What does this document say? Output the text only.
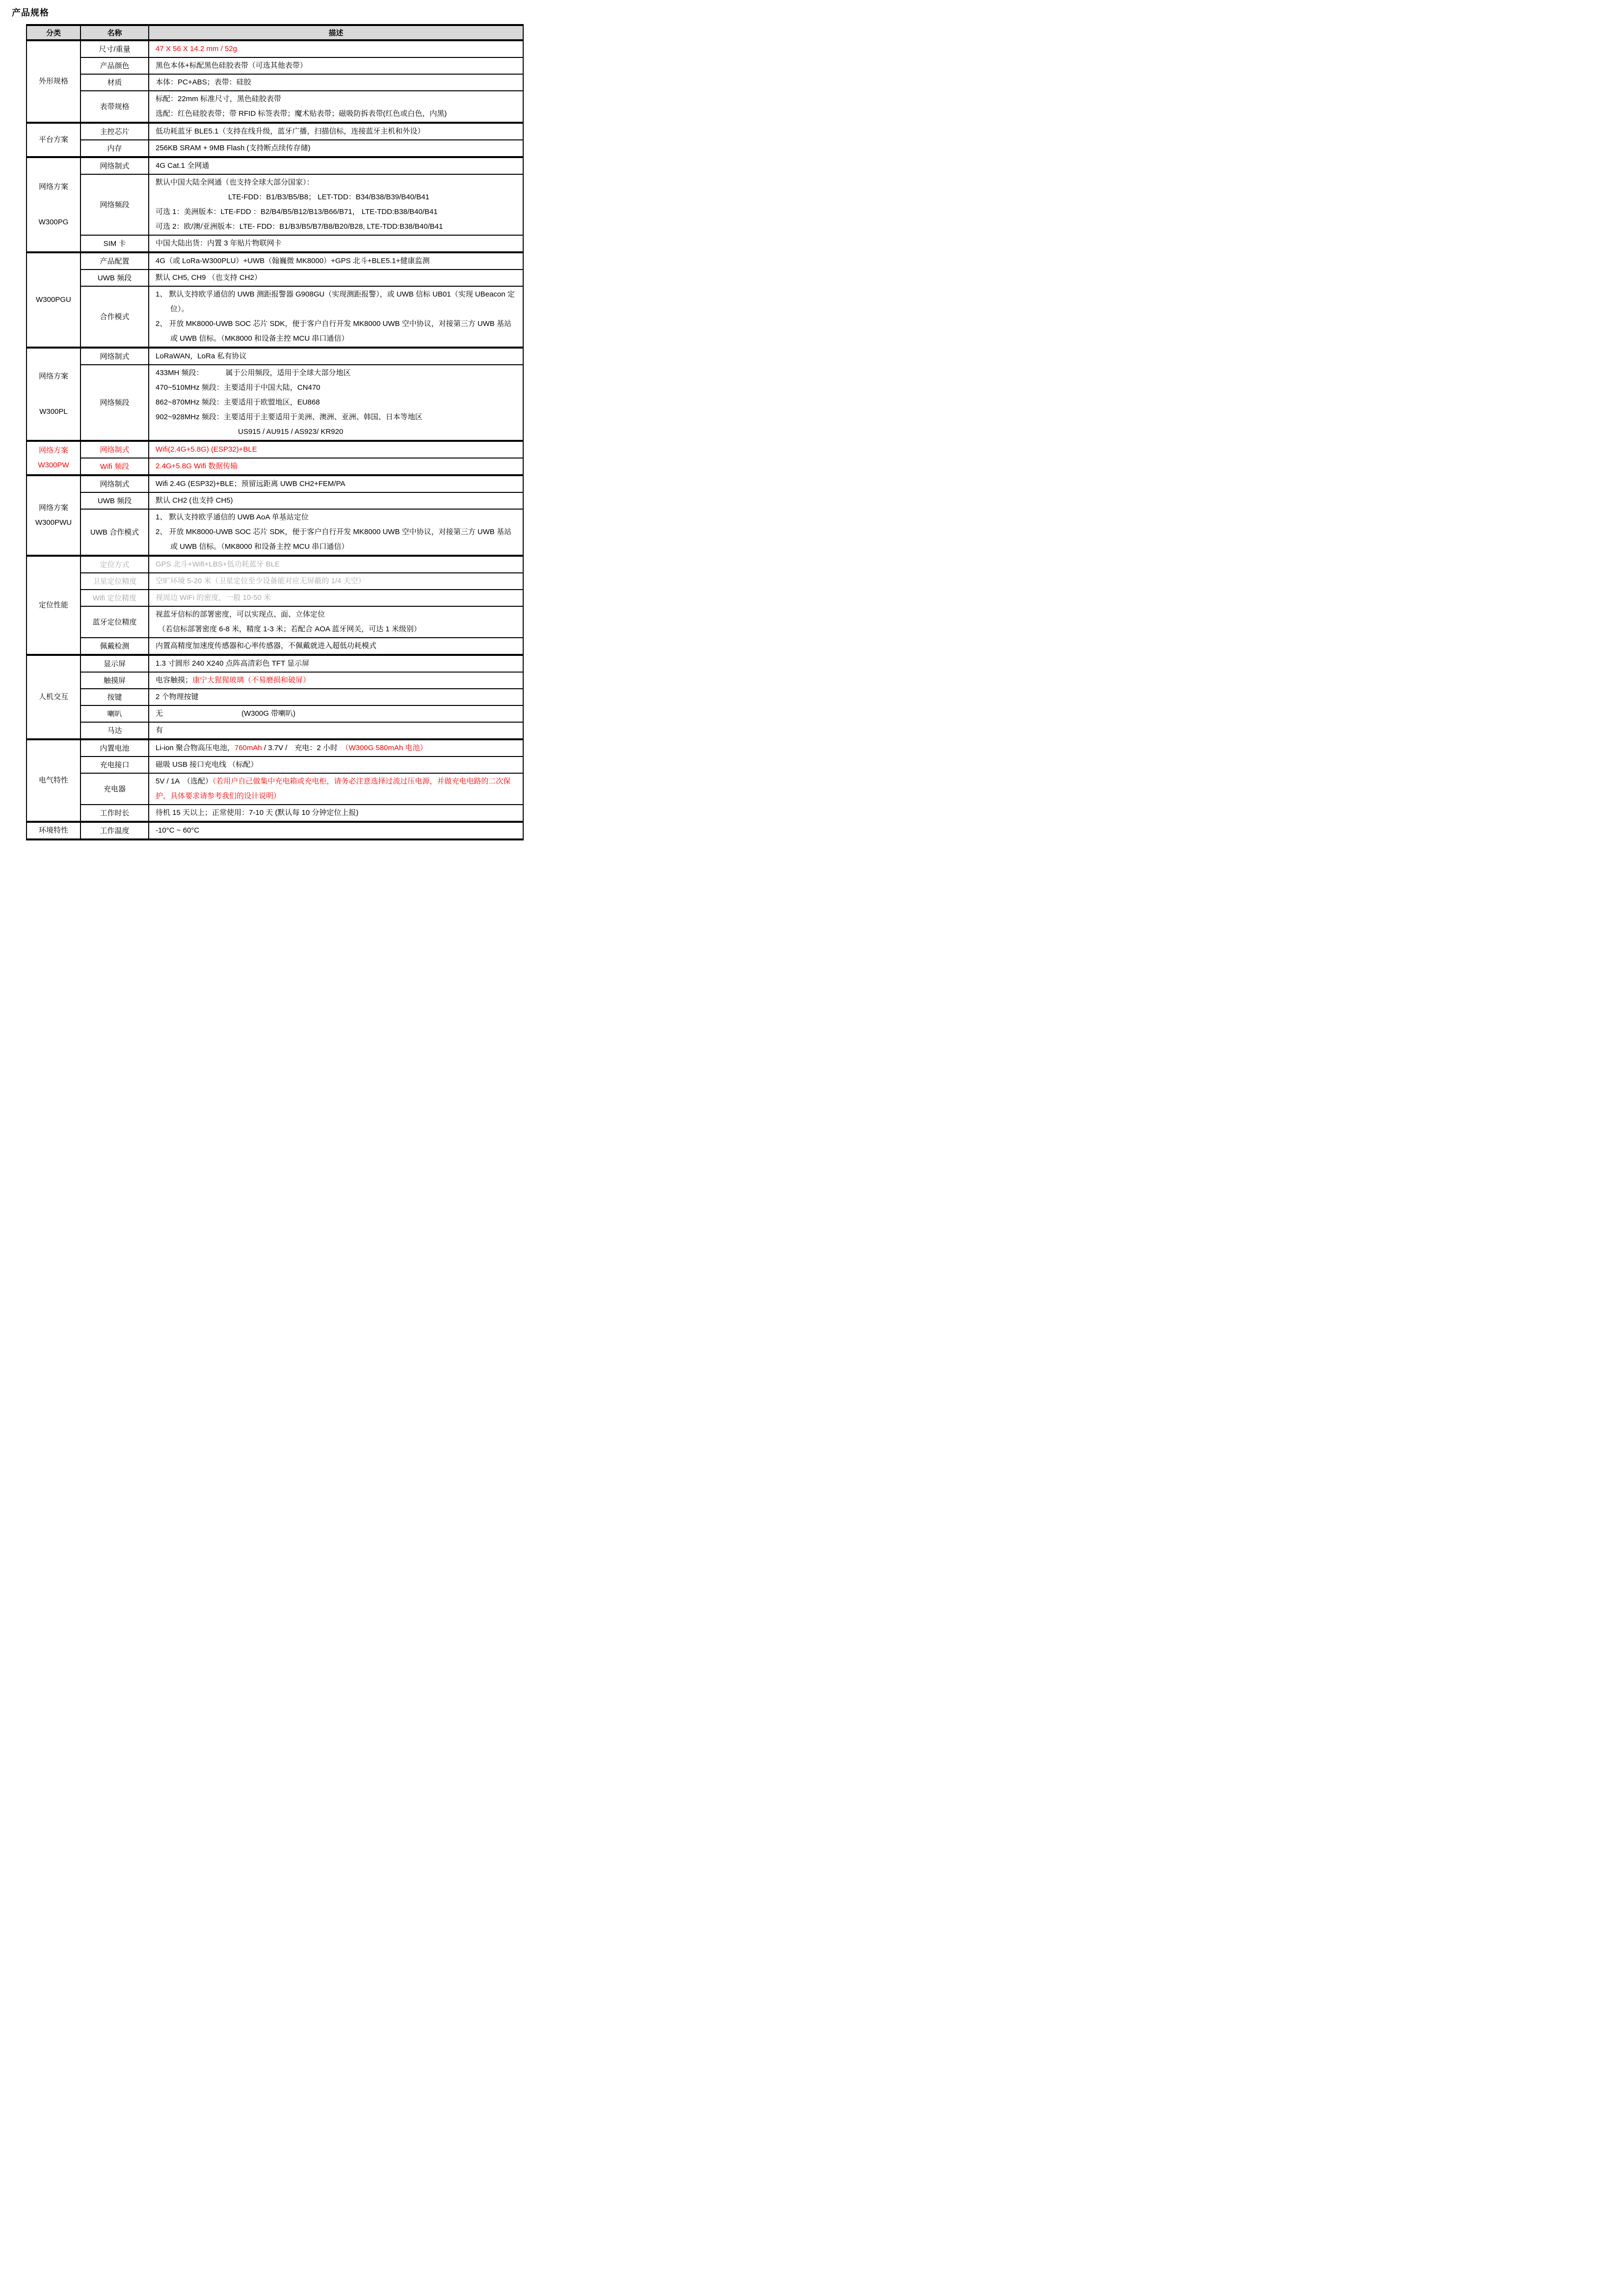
产品规格
分类	名称	描述

外形规格	尺寸/重量	47 X 56 X 14.2 mm / 52g

	产品颜色	黑色本体+标配黑色硅胶表带（可选其他表带）

	材质	本体：PC+ABS；表带：硅胶

	表带规格	标配：22mm 标准尺寸，黑色硅胶表带
选配：红色硅胶表带；带 RFID 标签表带；魔术贴表带；磁吸防拆表带(红色或白色，内黑)

平台方案	主控芯片	低功耗蓝牙 BLE5.1（支持在线升级，蓝牙广播，扫描信标，连接蓝牙主机和外设）

	内存	256KB SRAM + 9MB Flash (支持断点续传存储)

网络方案
W300PG	网络制式	4G Cat.1 全网通

	网络频段	默认中国大陆全网通（也支持全球大部分国家）：
LTE-FDD：B1/B3/B5/B8； LET-TDD：B34/B38/B39/B40/B41
可选 1：美洲版本：LTE-FDD ：B2/B4/B5/B12/B13/B66/B71， LTE-TDD:B38/B40/B41
可选 2：欧/澳/亚洲版本：LTE- FDD：B1/B3/B5/B7/B8/B20/B28, LTE-TDD:B38/B40/B41

	SIM 卡	中国大陆出货：内置 3 年贴片物联网卡

W300PGU	产品配置	4G（或 LoRa-W300PLU）+UWB（翰巍微 MK8000）+GPS 北斗+BLE5.1+健康监测

	UWB 频段	默认 CH5, CH9 （也支持 CH2）

	合作模式	1、 默认支持欧孚通信的 UWB 测距报警器 G908GU（实现测距报警），或 UWB 信标 UB01（实现 UBeacon 定位）。
2、 开放 MK8000-UWB SOC 芯片 SDK，便于客户自行开发 MK8000 UWB 空中协议，对接第三方 UWB 基站或 UWB 信标。（MK8000 和设备主控 MCU 串口通信）

网络方案
W300PL	网络制式	LoRaWAN，LoRa 私有协议

	网络频段	433MH 频段： 属于公用频段，适用于全球大部分地区
470~510MHz 频段：主要适用于中国大陆，CN470
862~870MHz 频段：主要适用于欧盟地区，EU868
902~928MHz 频段：主要适用于主要适用于美洲、澳洲、亚洲、韩国、日本等地区
US915 / AU915 / AS923/ KR920

网络方案
W300PW	网络制式	Wifi(2.4G+5.8G) (ESP32)+BLE

	Wifi 频段	2.4G+5.8G Wifi 数据传输

网络方案
W300PWU	网络制式	Wifi 2.4G (ESP32)+BLE；预留远距离 UWB CH2+FEM/PA

	UWB 频段	默认 CH2 (也支持 CH5)

	UWB 合作模式	1、 默认支持欧孚通信的 UWB AoA 单基站定位
2、 开放 MK8000-UWB SOC 芯片 SDK，便于客户自行开发 MK8000 UWB 空中协议，对接第三方 UWB 基站或 UWB 信标。（MK8000 和设备主控 MCU 串口通信）

定位性能	定位方式	GPS 北斗+Wifi+LBS+低功耗蓝牙 BLE

	卫星定位精度	空旷环境 5-20 米（卫星定位至少设备能对应无屏蔽的 1/4 天空）

	Wifi 定位精度	视周边 WiFi 的密度，一般 10-50 米

	蓝牙定位精度	视蓝牙信标的部署密度，可以实现点、面、立体定位
（若信标部署密度 6-8 米，精度 1-3 米；若配合 AOA 蓝牙网关，可达 1 米级别）

	佩戴检测	内置高精度加速度传感器和心率传感器，不佩戴就进入超低功耗模式

人机交互	显示屏	1.3 寸圆形 240 X240 点阵高清彩色 TFT 显示屏

	触摸屏	电容触摸；康宁大猩猩玻璃（不易磨损和破屏）

	按键	2 个物理按键

	喇叭	无 (W300G 带喇叭)

	马达	有

电气特性	内置电池	Li-ion 聚合物高压电池，760mAh / 3.7V /　充电：2 小时　（W300G 580mAh 电池）

	充电接口	磁吸 USB 接口充电线 （标配）

	充电器	5V / 1A　（选配）（若用户自己做集中充电箱或充电柜，请务必注意选择过流过压电源，并做充电电路的二次保护，具体要求请参考我们的设计说明）

	工作时长	待机 15 天以上；正常使用：7-10 天 (默认每 10 分钟定位上报)

环境特性	工作温度	-10°C ~ 60°C
